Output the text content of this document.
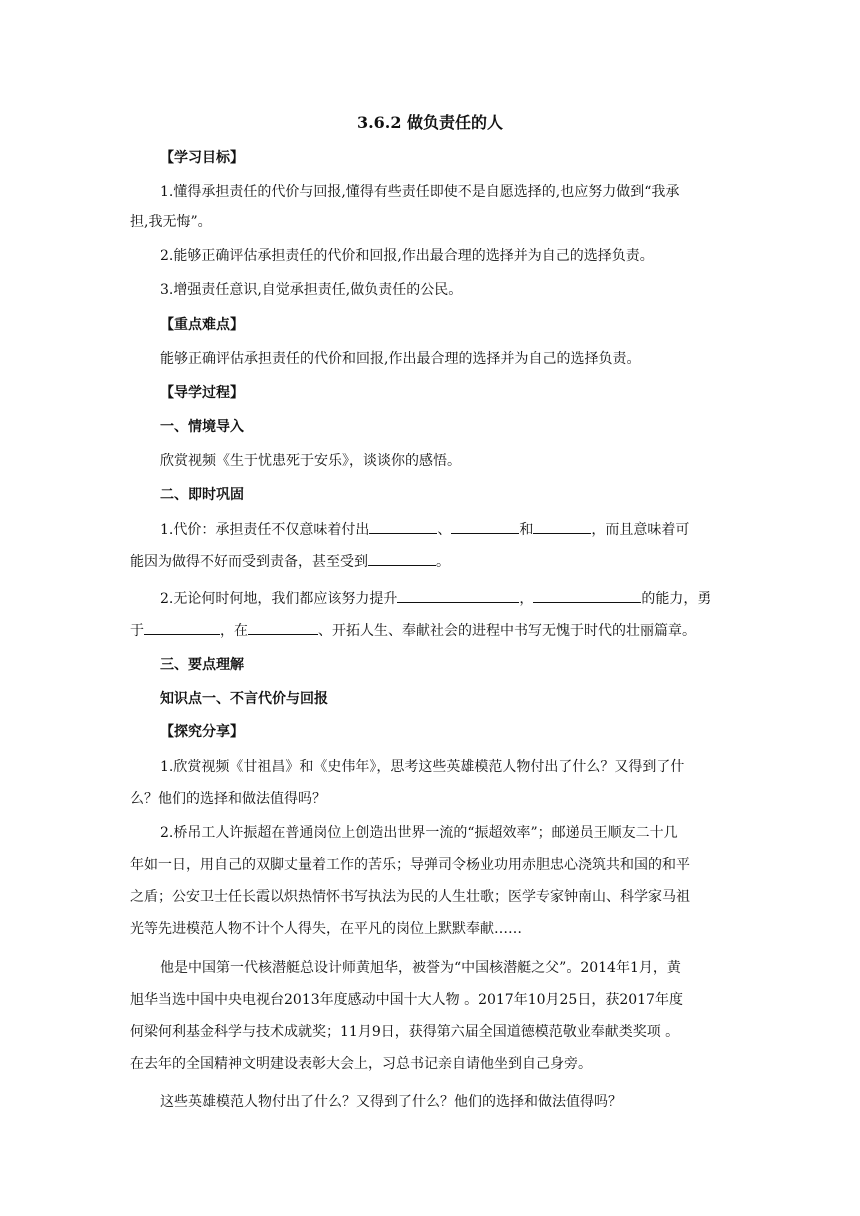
3.6.2 做负责任的人
【学习目标】
1.懂得承担责任的代价与回报,懂得有些责任即使不是自愿选择的,也应努力做到“我承
担,我无悔”。
2.能够正确评估承担责任的代价和回报,作出最合理的选择并为自己的选择负责。
3.增强责任意识,自觉承担责任,做负责任的公民。
【重点难点】
能够正确评估承担责任的代价和回报,作出最合理的选择并为自己的选择负责。
【导学过程】
一、情境导入
欣赏视频《生于忧患死于安乐》，谈谈你的感悟。
二、即时巩固
1.代价：承担责任不仅意味着付出	、	和	，而且意味着可
能因为做得不好而受到责备，甚至受到	。
2.无论何时何地，我们都应该努力提升	，	的能力，勇
于	，在	、开拓人生、奉献社会的进程中书写无愧于时代的壮丽篇章。
三、要点理解
知识点一、不言代价与回报
【探究分享】
1.欣赏视频《甘祖昌》和《史伟年》，思考这些英雄模范人物付出了什么？又得到了什
么？他们的选择和做法值得吗？
2.桥吊工人许振超在普通岗位上创造出世界一流的“振超效率”；邮递员王顺友二十几
年如一日，用自己的双脚丈量着工作的苦乐；导弹司令杨业功用赤胆忠心浇筑共和国的和平
之盾；公安卫士任长霞以炽热情怀书写执法为民的人生壮歌；医学专家钟南山、科学家马祖
光等先进模范人物不计个人得失，在平凡的岗位上默默奉献……
他是中国第一代核潜艇总设计师黄旭华，被誉为“中国核潜艇之父”。2014年1月，黄
旭华当选中国中央电视台2013年度感动中国十大人物 。2017年10月25日，获2017年度
何梁何利基金科学与技术成就奖；11月9日，获得第六届全国道德模范敬业奉献类奖项 。
在去年的全国精神文明建设表彰大会上，习总书记亲自请他坐到自己身旁。
这些英雄模范人物付出了什么？又得到了什么？他们的选择和做法值得吗？
